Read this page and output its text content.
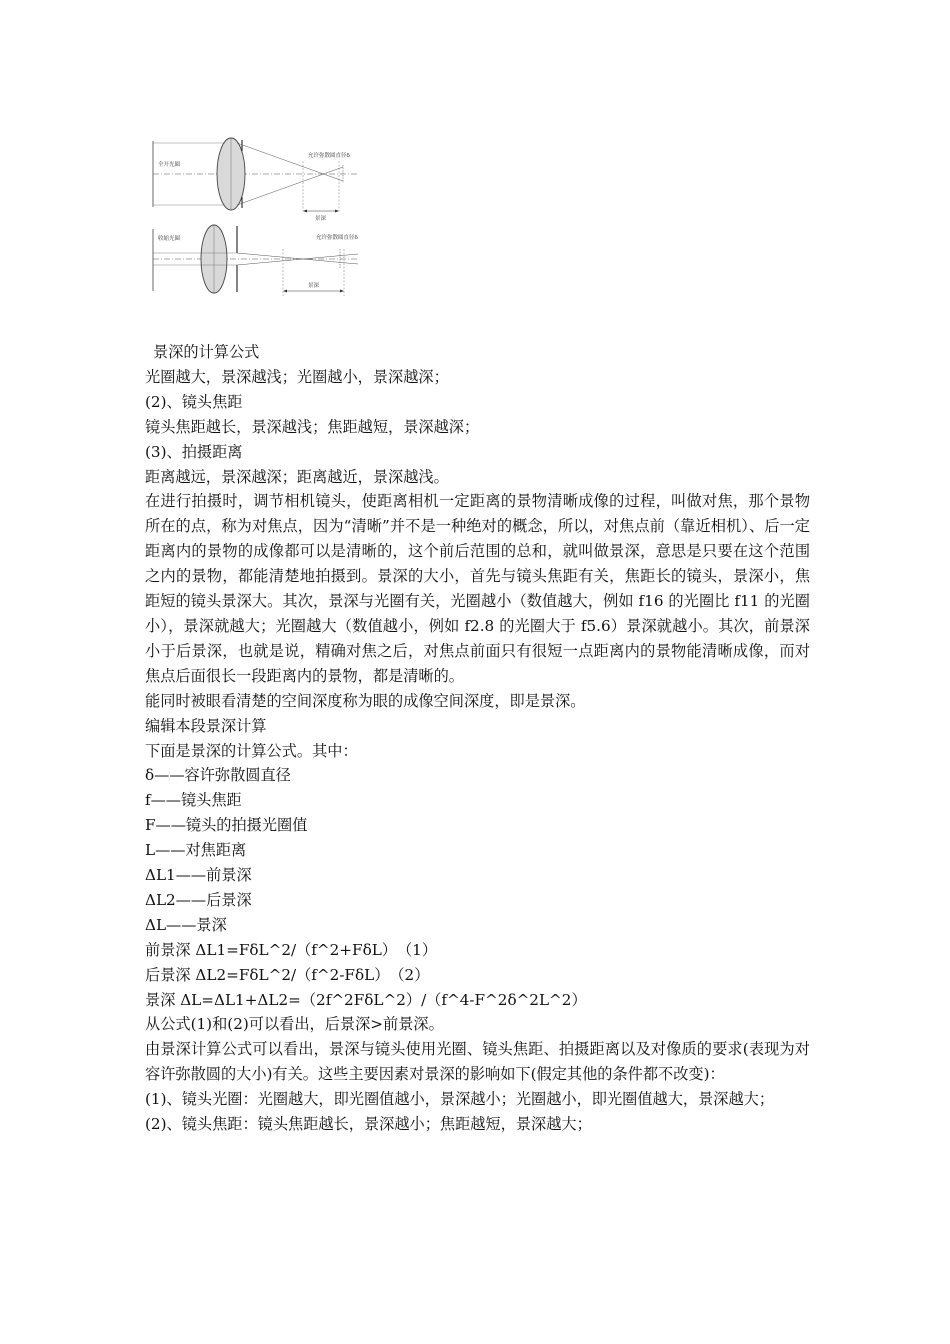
全开光圈
允许弥散圆直径δ
景深
收缩光圈	允许弥散圆直径δ
景深

景深的计算公式

光圈越大，景深越浅；光圈越小，景深越深；

(2)、镜头焦距

镜头焦距越长，景深越浅；焦距越短，景深越深；

(3)、拍摄距离

距离越远，景深越深；距离越近，景深越浅。

在进行拍摄时，调节相机镜头，使距离相机一定距离的景物清晰成像的过程，叫做对焦，那个景物所在的点，称为对焦点，因为“清晰”并不是一种绝对的概念，所以，对焦点前（靠近相机）、后一定距离内的景物的成像都可以是清晰的，这个前后范围的总和，就叫做景深，意思是只要在这个范围之内的景物，都能清楚地拍摄到。景深的大小，首先与镜头焦距有关，焦距长的镜头，景深小，焦距短的镜头景深大。其次，景深与光圈有关，光圈越小（数值越大，例如 f16 的光圈比 f11 的光圈小），景深就越大；光圈越大（数值越小，例如 f2.8 的光圈大于 f5.6）景深就越小。其次，前景深小于后景深，也就是说，精确对焦之后，对焦点前面只有很短一点距离内的景物能清晰成像，而对焦点后面很长一段距离内的景物，都是清晰的。

能同时被眼看清楚的空间深度称为眼的成像空间深度，即是景深。

编辑本段景深计算

下面是景深的计算公式。其中：

δ——容许弥散圆直径

f——镜头焦距

F——镜头的拍摄光圈值

L——对焦距离

ΔL1——前景深

ΔL2——后景深

ΔL——景深

前景深 ΔL1=FδL^2/（f^2+FδL）　（1）

后景深 ΔL2=FδL^2/（f^2-FδL）　（2）

景深 ΔL=ΔL1+ΔL2=（2f^2FδL^2）/（f^4-F^2δ^2L^2）

从公式(1)和(2)可以看出，后景深>前景深。

由景深计算公式可以看出，景深与镜头使用光圈、镜头焦距、拍摄距离以及对像质的要求(表现为对容许弥散圆的大小)有关。这些主要因素对景深的影响如下(假定其他的条件都不改变)：

(1)、镜头光圈：光圈越大，即光圈值越小，景深越小；光圈越小，即光圈值越大，景深越大；

(2)、镜头焦距：镜头焦距越长，景深越小；焦距越短，景深越大；
